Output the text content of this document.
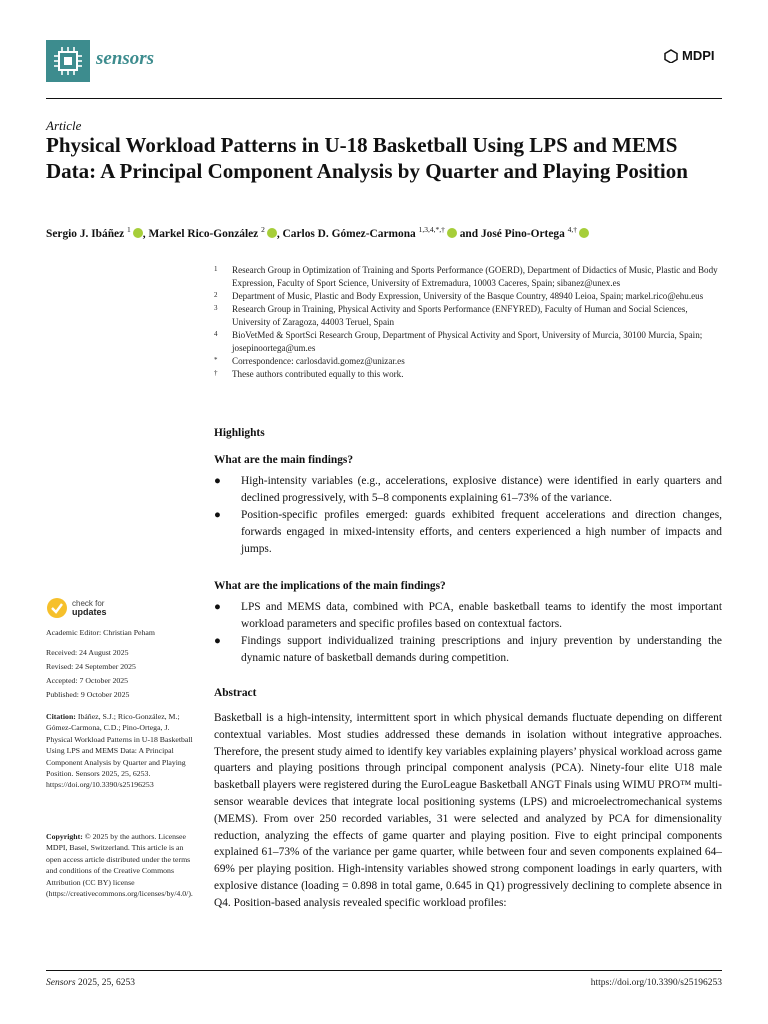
sensors	MDPI
Article
Physical Workload Patterns in U-18 Basketball Using LPS and MEMS Data: A Principal Component Analysis by Quarter and Playing Position
Sergio J. Ibáñez $^1$ , Markel Rico-González $^2$ , Carlos D. Gómez-Carmona $^{1,3,4,*,\dagger}$ and José Pino-Ortega $^{4,\dagger}$
1	Research Group in Optimization of Training and Sports Performance (GOERD), Department of Didactics of Music, Plastic and Body Expression, Faculty of Sport Science, University of Extremadura, 10003 Caceres, Spain; sibanez@unex.es
2	Department of Music, Plastic and Body Expression, University of the Basque Country, 48940 Leioa, Spain; markel.rico@ehu.eus
3	Research Group in Training, Physical Activity and Sports Performance (ENFYRED), Faculty of Human and Social Sciences, University of Zaragoza, 44003 Teruel, Spain
4	BioVetMed & SportSci Research Group, Department of Physical Activity and Sport, University of Murcia, 30100 Murcia, Spain; josepinoortega@um.es
*	Correspondence: carlosdavid.gomez@unizar.es
†	These authors contributed equally to this work.
Highlights
What are the main findings?
●	High-intensity variables (e.g., accelerations, explosive distance) were identified in early quarters and declined progressively, with 5–8 components explaining 61–73% of the variance.
●	Position-specific profiles emerged: guards exhibited frequent accelerations and direction changes, forwards engaged in mixed-intensity efforts, and centers experienced a high number of impacts and jumps.
What are the implications of the main findings?
●	LPS and MEMS data, combined with PCA, enable basketball teams to identify the most important workload parameters and specific profiles based on contextual factors.
●	Findings support individualized training prescriptions and injury prevention by understanding the dynamic nature of basketball demands during competition.
Abstract
Basketball is a high-intensity, intermittent sport in which physical demands fluctuate depending on different contextual variables. Most studies addressed these demands in isolation without integrative approaches. Therefore, the present study aimed to identify key variables explaining players’ physical workload across game quarters and playing positions through principal component analysis (PCA). Ninety-four elite U18 male basketball players were registered during the EuroLeague Basketball ANGT Finals using WIMU PRO™ multi-sensor wearable devices that integrate local positioning systems (LPS) and microelectromechanical systems (MEMS). From over 250 recorded variables, 31 were selected and analyzed by PCA for dimensionality reduction, analyzing the effects of game quarter and playing position. Five to eight principal components explained 61–73% of the variance per game quarter, while between four and seven components explained 64–69% per playing position. High-intensity variables showed strong component loadings in early quarters, with explosive distance (loading = 0.898 in total game, 0.645 in Q1) progressively declining to complete absence in Q4. Position-based analysis revealed specific workload profiles:
check for
updates
Academic Editor: Christian Peham
Received: 24 August 2025
Revised: 24 September 2025
Accepted: 7 October 2025
Published: 9 October 2025
Citation: Ibáñez, S.J.; Rico-González, M.; Gómez-Carmona, C.D.; Pino-Ortega, J. Physical Workload Patterns in U-18 Basketball Using LPS and MEMS Data: A Principal Component Analysis by Quarter and Playing Position. Sensors 2025, 25, 6253. https://doi.org/10.3390/s25196253
Copyright: © 2025 by the authors. Licensee MDPI, Basel, Switzerland. This article is an open access article distributed under the terms and conditions of the Creative Commons Attribution (CC BY) license (https://creativecommons.org/licenses/by/4.0/).
Sensors 2025, 25, 6253	https://doi.org/10.3390/s25196253
